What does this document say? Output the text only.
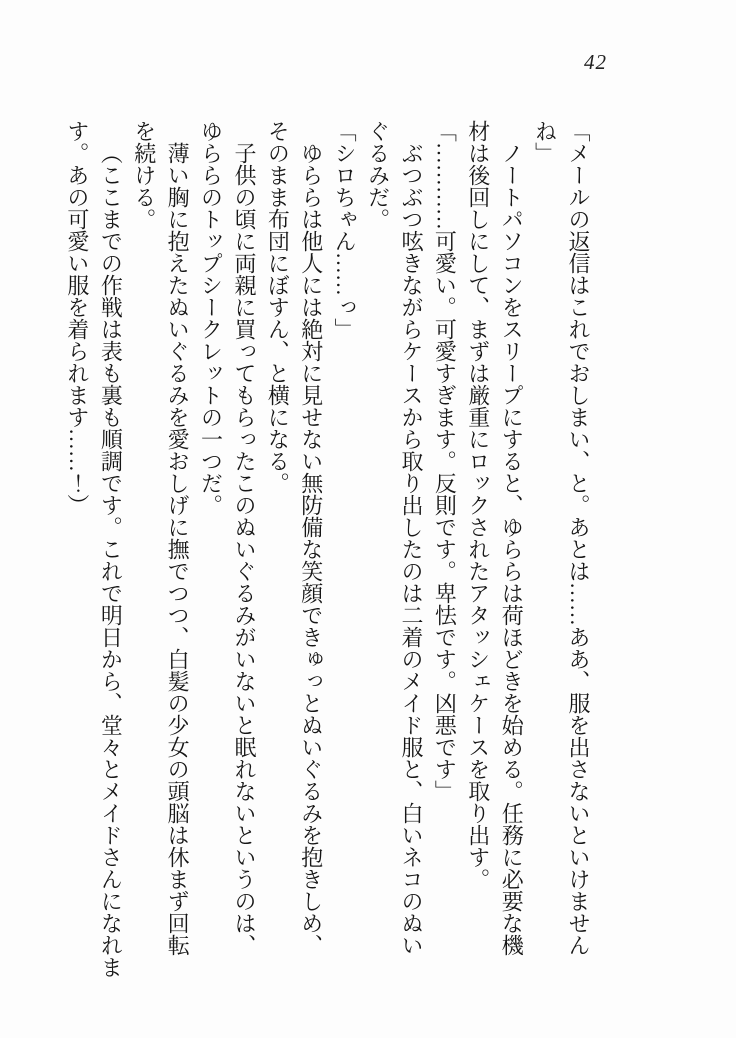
42

「メールの返信はこれでおしまい、と。あとは……ああ、服を出さないといけません

ね」

ノートパソコンをスリープにすると、ゆららは荷ほどきを始める。任務に必要な機

材は後回しにして、まずは厳重にロックされたアタッシェケースを取り出す。

「…………可愛い。可愛すぎます。反則です。卑怯です。凶悪です」

ぶつぶつ呟きながらケースから取り出したのは二着のメイド服と、白いネコのぬい

ぐるみだ。

「シロちゃん……っ」

ゆららは他人には絶対に見せない無防備な笑顔できゅっとぬいぐるみを抱きしめ、

そのまま布団にぼすん、と横になる。

子供の頃に両親に買ってもらったこのぬいぐるみがいないと眠れないというのは、

ゆららのトップシークレットの一つだ。

薄い胸に抱えたぬいぐるみを愛おしげに撫でつつ、白髪の少女の頭脳は休まず回転

を続ける。

（ここまでの作戦は表も裏も順調です。これで明日から、堂々とメイドさんになれま

す。あの可愛い服を着られます……！）
